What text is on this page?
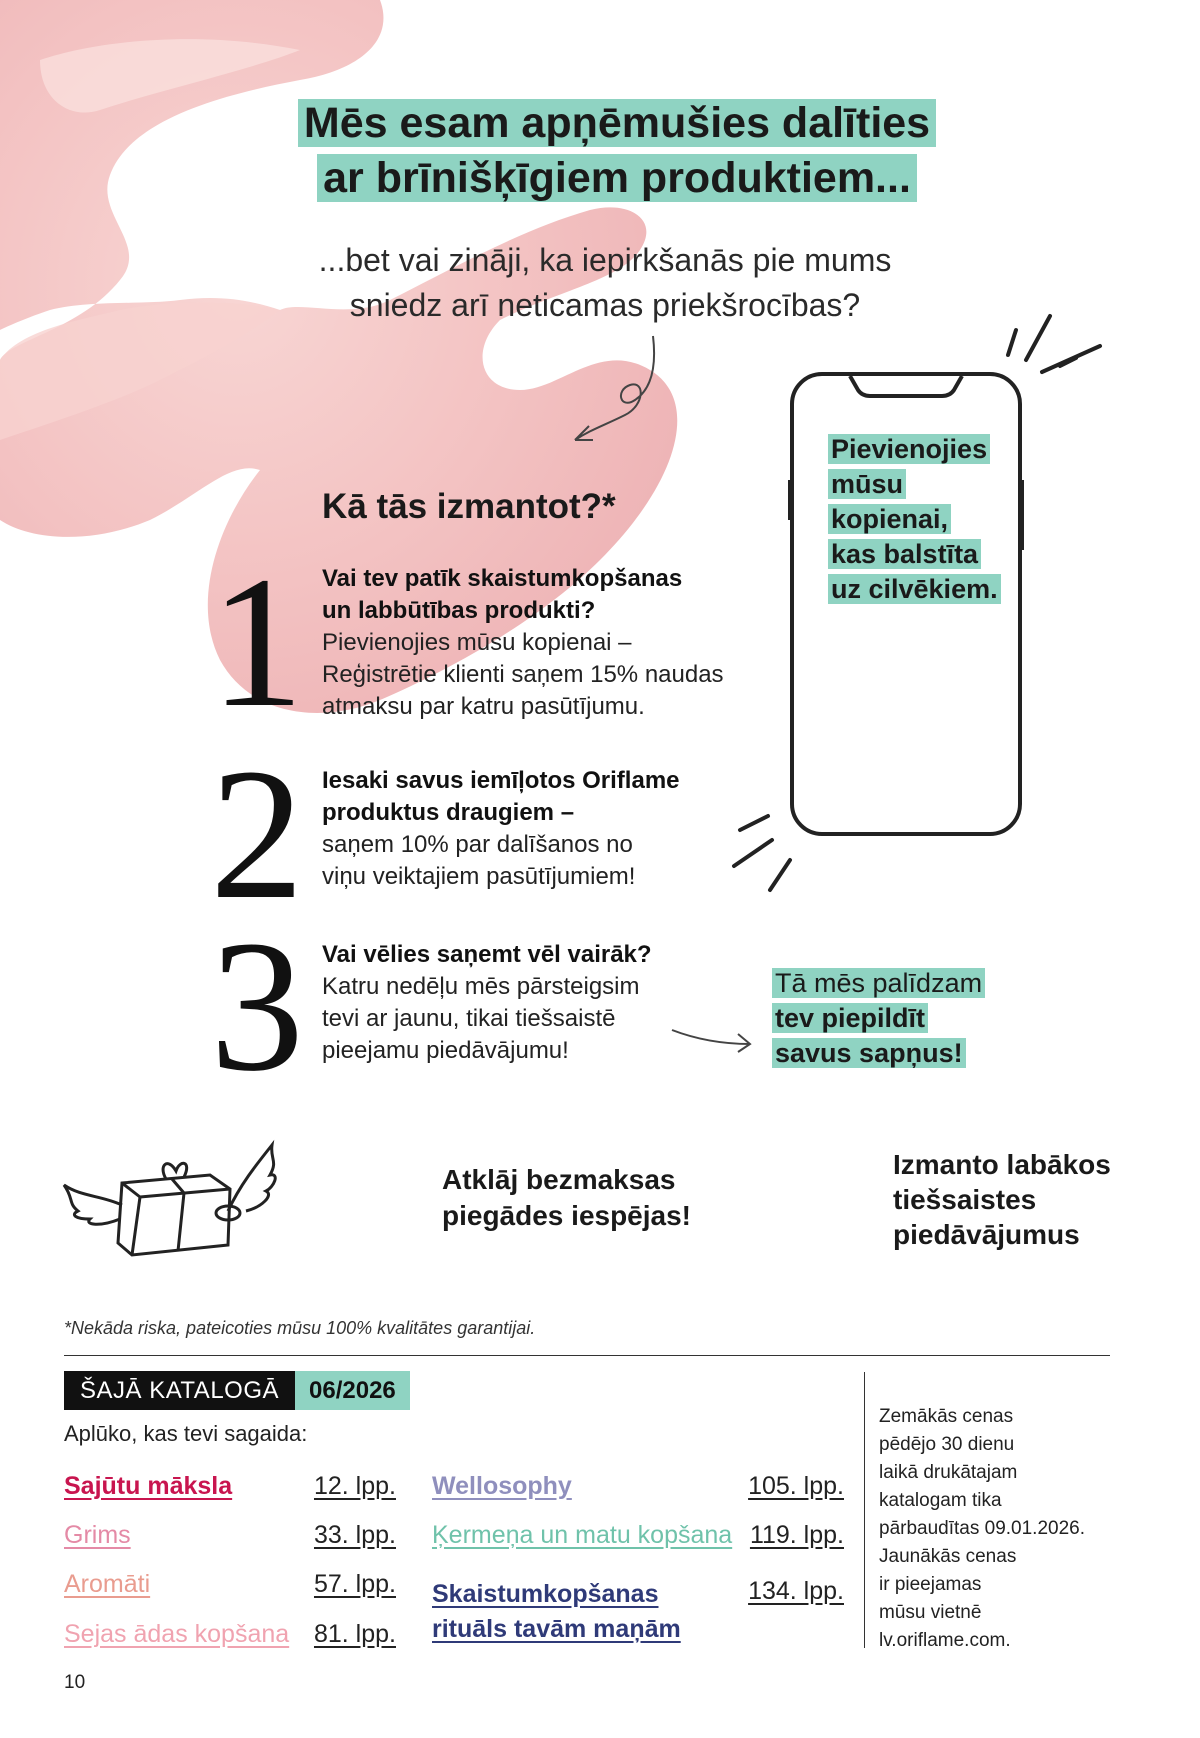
Mēs esam apņēmušies dalīties
ar brīnišķīgiem produktiem...
...bet vai zināji, ka iepirkšanās pie mums
sniedz arī neticamas priekšrocības?
Kā tās izmantot?*
1 Vai tev patīk skaistumkopšanas
un labbūtības produkti?
Pievienojies mūsu kopienai –
Reģistrētie klienti saņem 15% naudas
atmaksu par katru pasūtījumu.
2 Iesaki savus iemīļotos Oriflame
produktus draugiem –
saņem 10% par dalīšanos no
viņu veiktajiem pasūtījumiem!
3 Vai vēlies saņemt vēl vairāk?
Katru nedēļu mēs pārsteigsim
tevi ar jaunu, tikai tiešsaistē
pieejamu piedāvājumu!
Pievienojies
mūsu
kopienai,
kas balstīta
uz cilvēkiem.
Tā mēs palīdzam
tev piepildīt
savus sapņus!
Atklāj bezmaksas
piegādes iespējas!
Izmanto labākos
tiešsaistes
piedāvājumus
*Nekāda riska, pateicoties mūsu 100% kvalitātes garantijai.
ŠAJĀ KATALOGĀ	06/2026
Aplūko, kas tevi sagaida:
Sajūtu māksla	12. lpp.
Grims	33. lpp.
Aromāti	57. lpp.
Sejas ādas kopšana 81. lpp.
Wellosophy	105. lpp.
Ķermeņa un matu kopšana 119. lpp.
Skaistumkopšanas
rituāls tavām maņām
134. lpp.
Zemākās cenas
pēdējo 30 dienu
laikā drukātajam
katalogam tika
pārbaudītas 09.01.2026.
Jaunākās cenas
ir pieejamas
mūsu vietnē
lv.oriflame.com.
10
